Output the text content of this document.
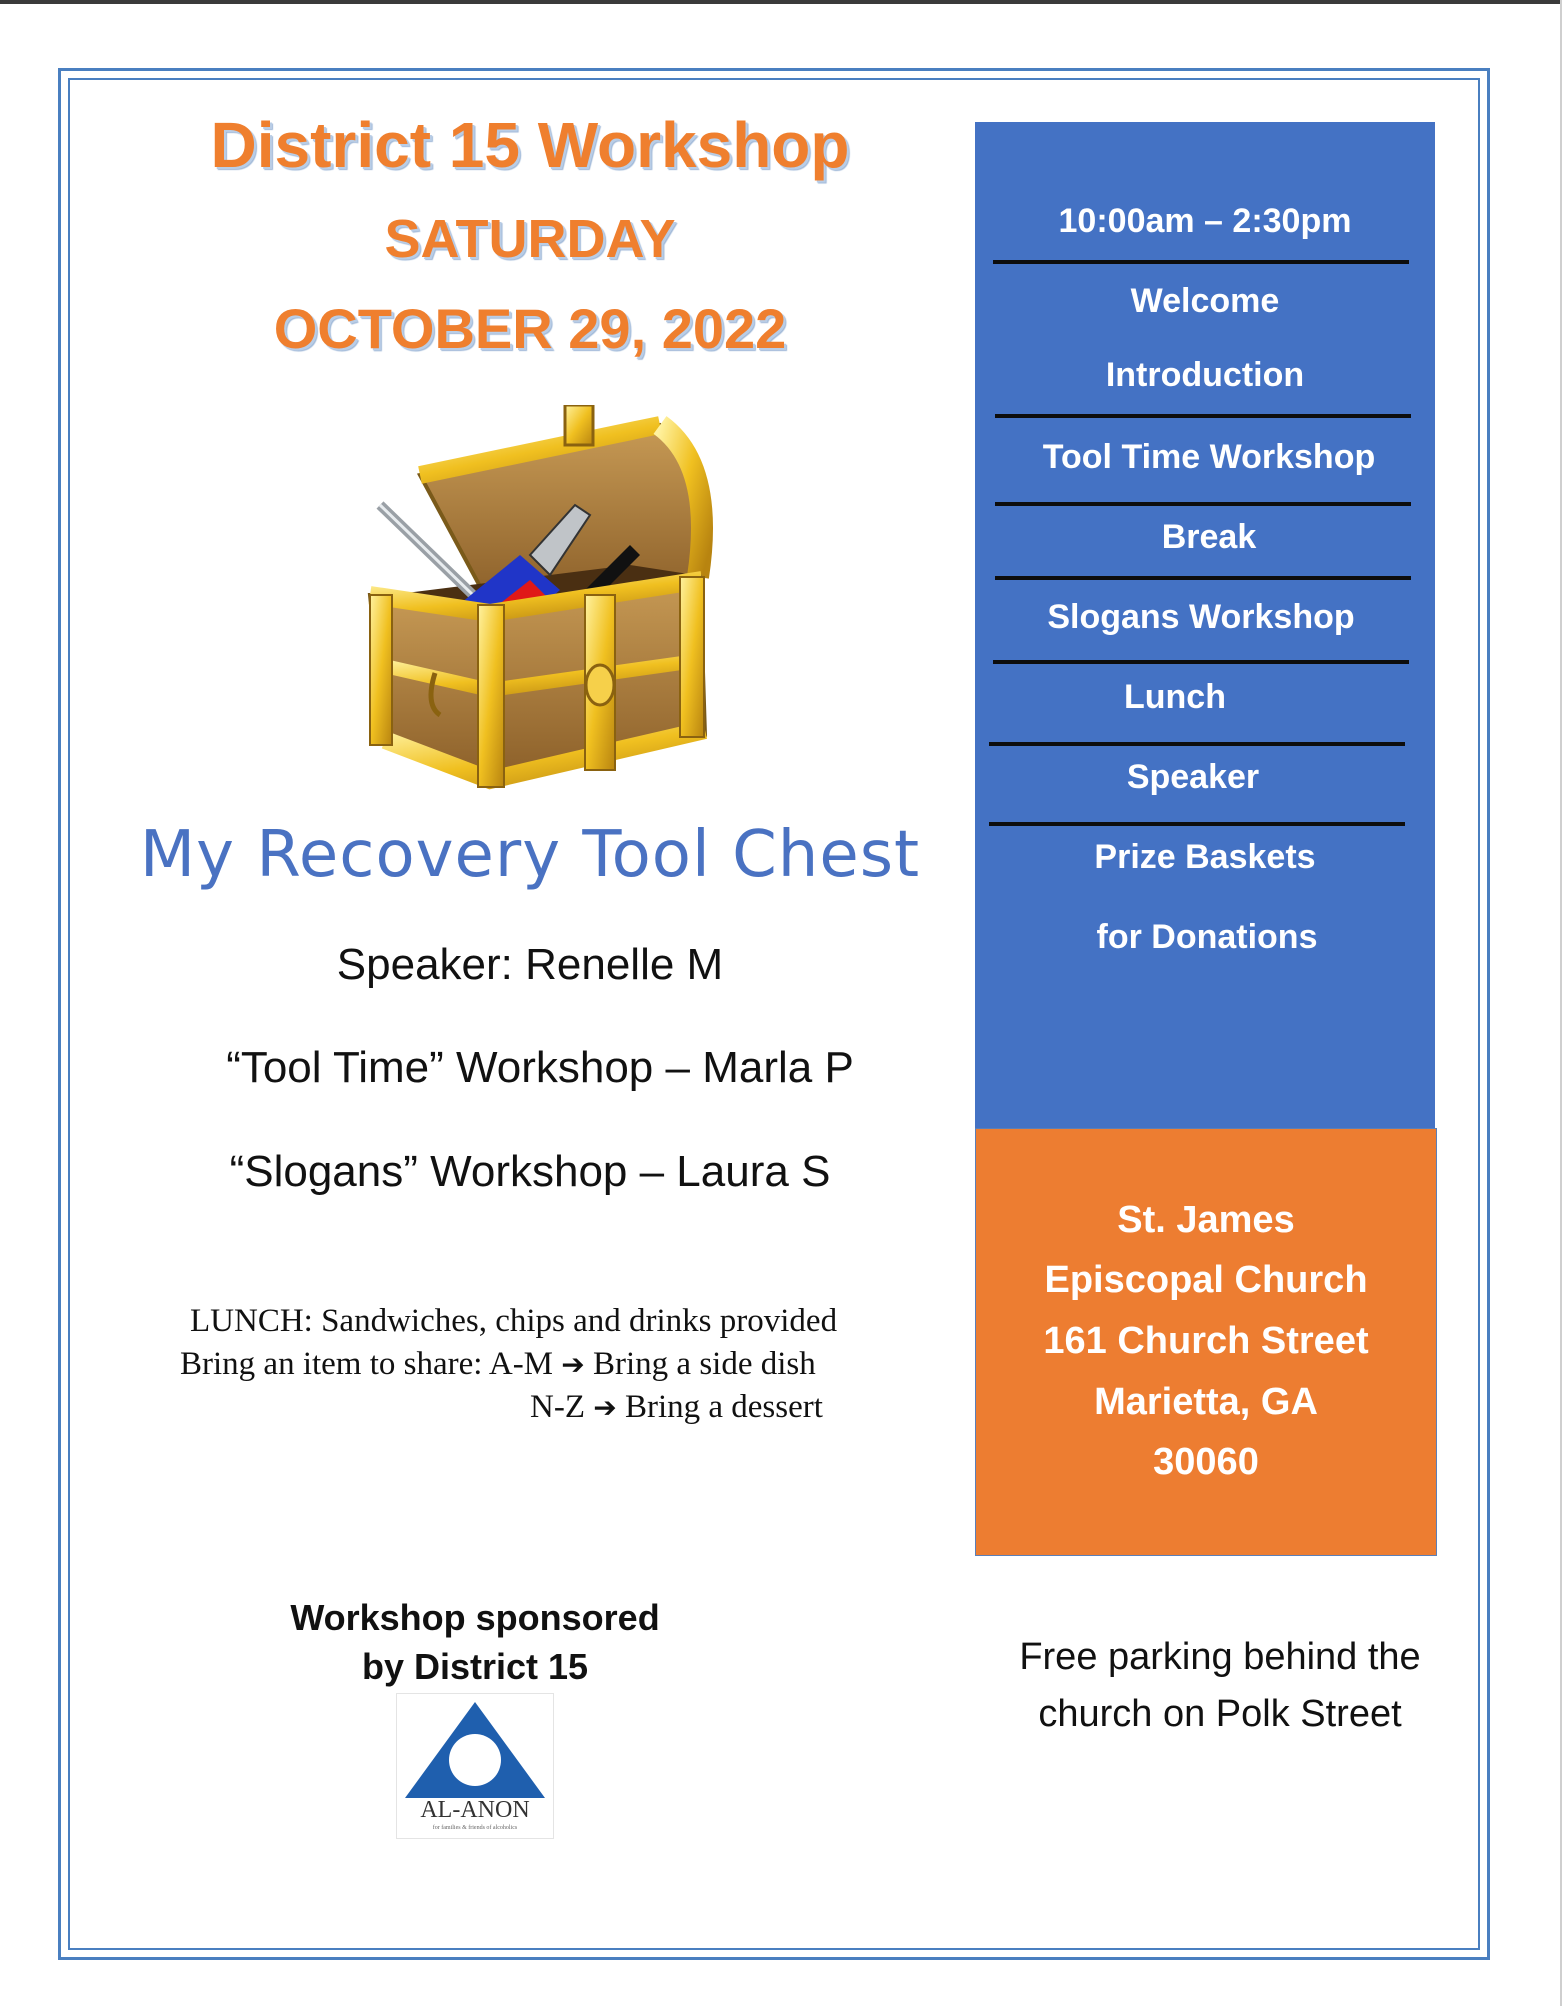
District 15 Workshop
SATURDAY
OCTOBER 29, 2022
My Recovery Tool Chest
Speaker: Renelle M
“Tool Time” Workshop – Marla P
“Slogans” Workshop – Laura S
LUNCH: Sandwiches, chips and drinks provided
Bring an item to share: A-M ➔ Bring a side dish
N-Z ➔ Bring a dessert
Workshop sponsored
by District 15
AL-ANON
for families & friends of alcoholics
10:00am – 2:30pm
Welcome
Introduction
Tool Time Workshop
Break
Slogans Workshop
Lunch
Speaker
Prize Baskets
for Donations
St. James
Episcopal Church
161 Church Street
Marietta, GA
30060
Free parking behind the
church on Polk Street
